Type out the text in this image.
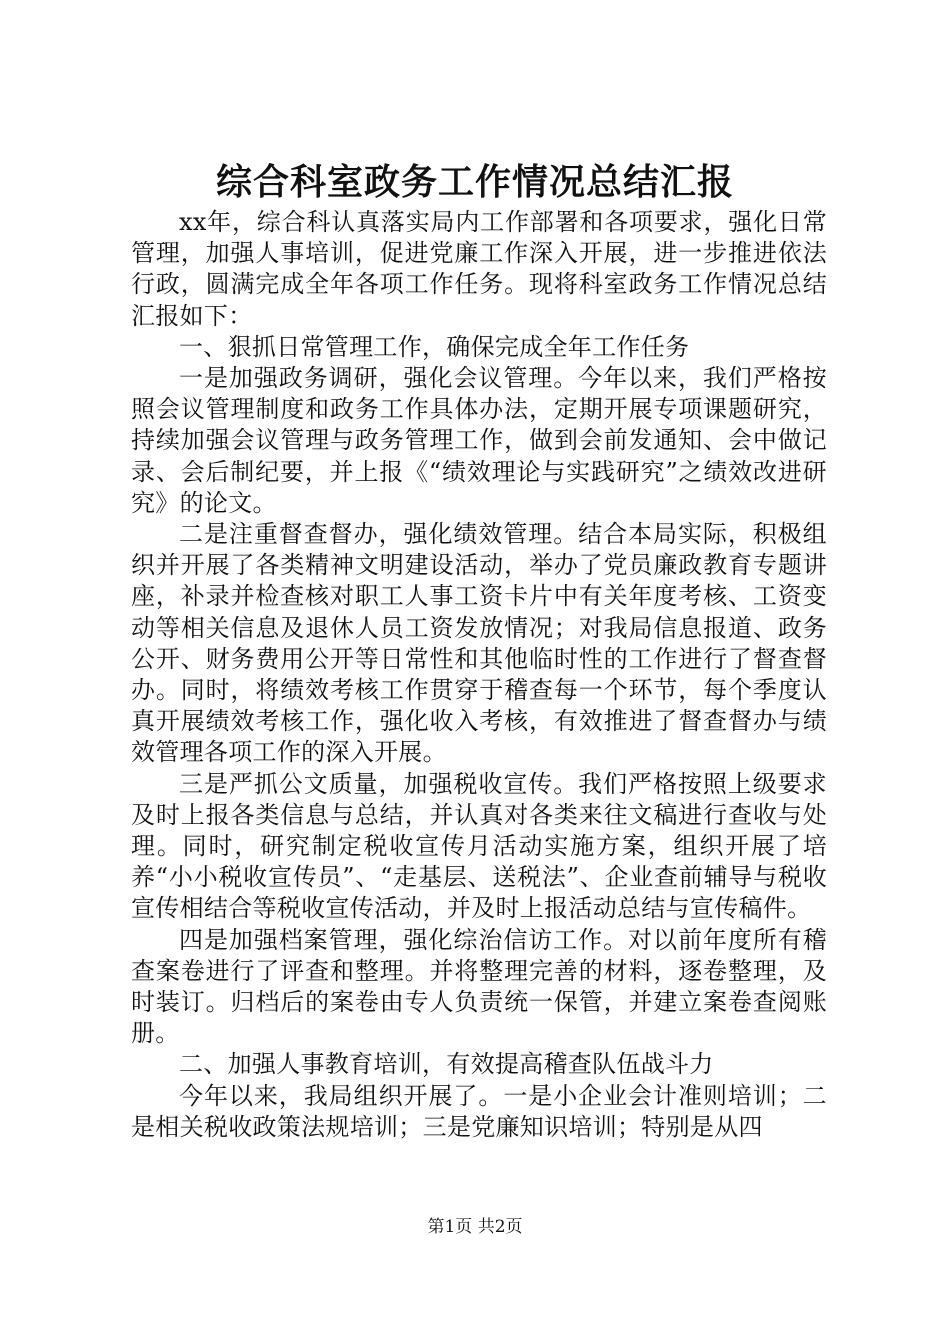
综合科室政务工作情况总结汇报

xx年，综合科认真落实局内工作部署和各项要求，强化日常管理，加强人事培训，促进党廉工作深入开展，进一步推进依法行政，圆满完成全年各项工作任务。现将科室政务工作情况总结汇报如下：

一、狠抓日常管理工作，确保完成全年工作任务

一是加强政务调研，强化会议管理。今年以来，我们严格按照会议管理制度和政务工作具体办法，定期开展专项课题研究，持续加强会议管理与政务管理工作，做到会前发通知、会中做记录、会后制纪要，并上报《“绩效理论与实践研究”之绩效改进研究》的论文。

二是注重督查督办，强化绩效管理。结合本局实际，积极组织并开展了各类精神文明建设活动，举办了党员廉政教育专题讲座，补录并检查核对职工人事工资卡片中有关年度考核、工资变动等相关信息及退休人员工资发放情况；对我局信息报道、政务公开、财务费用公开等日常性和其他临时性的工作进行了督查督办。同时，将绩效考核工作贯穿于稽查每一个环节，每个季度认真开展绩效考核工作，强化收入考核，有效推进了督查督办与绩效管理各项工作的深入开展。

三是严抓公文质量，加强税收宣传。我们严格按照上级要求及时上报各类信息与总结，并认真对各类来往文稿进行查收与处理。同时，研究制定税收宣传月活动实施方案，组织开展了培养“小小税收宣传员”、“走基层、送税法”、企业查前辅导与税收宣传相结合等税收宣传活动，并及时上报活动总结与宣传稿件。

四是加强档案管理，强化综治信访工作。对以前年度所有稽查案卷进行了评查和整理。并将整理完善的材料，逐卷整理，及时装订。归档后的案卷由专人负责统一保管，并建立案卷查阅账册。

二、加强人事教育培训，有效提高稽查队伍战斗力

今年以来，我局组织开展了。一是小企业会计准则培训；二是相关税收政策法规培训；三是党廉知识培训；特别是从四

第1页 共2页
